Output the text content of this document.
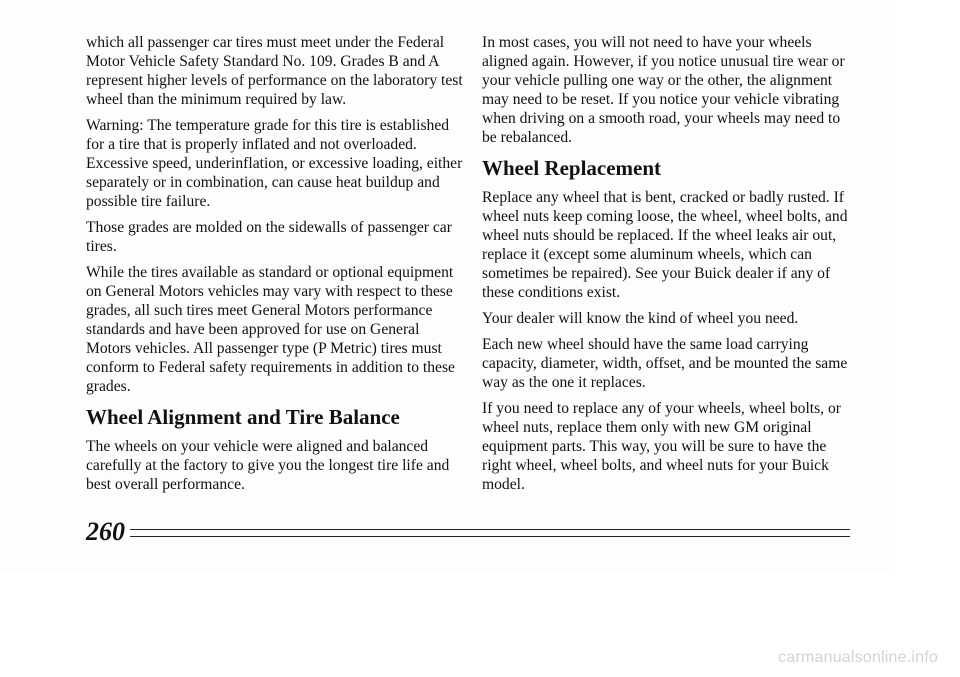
which all passenger car tires must meet under the Federal Motor Vehicle Safety Standard No. 109. Grades B and A represent higher levels of performance on the laboratory test wheel than the minimum required by law.

Warning: The temperature grade for this tire is established for a tire that is properly inflated and not overloaded. Excessive speed, underinflation, or excessive loading, either separately or in combination, can cause heat buildup and possible tire failure.

Those grades are molded on the sidewalls of passenger car tires.

While the tires available as standard or optional equipment on General Motors vehicles may vary with respect to these grades, all such tires meet General Motors performance standards and have been approved for use on General Motors vehicles. All passenger type (P Metric) tires must conform to Federal safety requirements in addition to these grades.

Wheel Alignment and Tire Balance

The wheels on your vehicle were aligned and balanced carefully at the factory to give you the longest tire life and best overall performance.

In most cases, you will not need to have your wheels aligned again. However, if you notice unusual tire wear or your vehicle pulling one way or the other, the alignment may need to be reset. If you notice your vehicle vibrating when driving on a smooth road, your wheels may need to be rebalanced.

Wheel Replacement

Replace any wheel that is bent, cracked or badly rusted. If wheel nuts keep coming loose, the wheel, wheel bolts, and wheel nuts should be replaced. If the wheel leaks air out, replace it (except some aluminum wheels, which can sometimes be repaired). See your Buick dealer if any of these conditions exist.

Your dealer will know the kind of wheel you need.

Each new wheel should have the same load carrying capacity, diameter, width, offset, and be mounted the same way as the one it replaces.

If you need to replace any of your wheels, wheel bolts, or wheel nuts, replace them only with new GM original equipment parts. This way, you will be sure to have the right wheel, wheel bolts, and wheel nuts for your Buick model.

260
carmanualsonline.info
